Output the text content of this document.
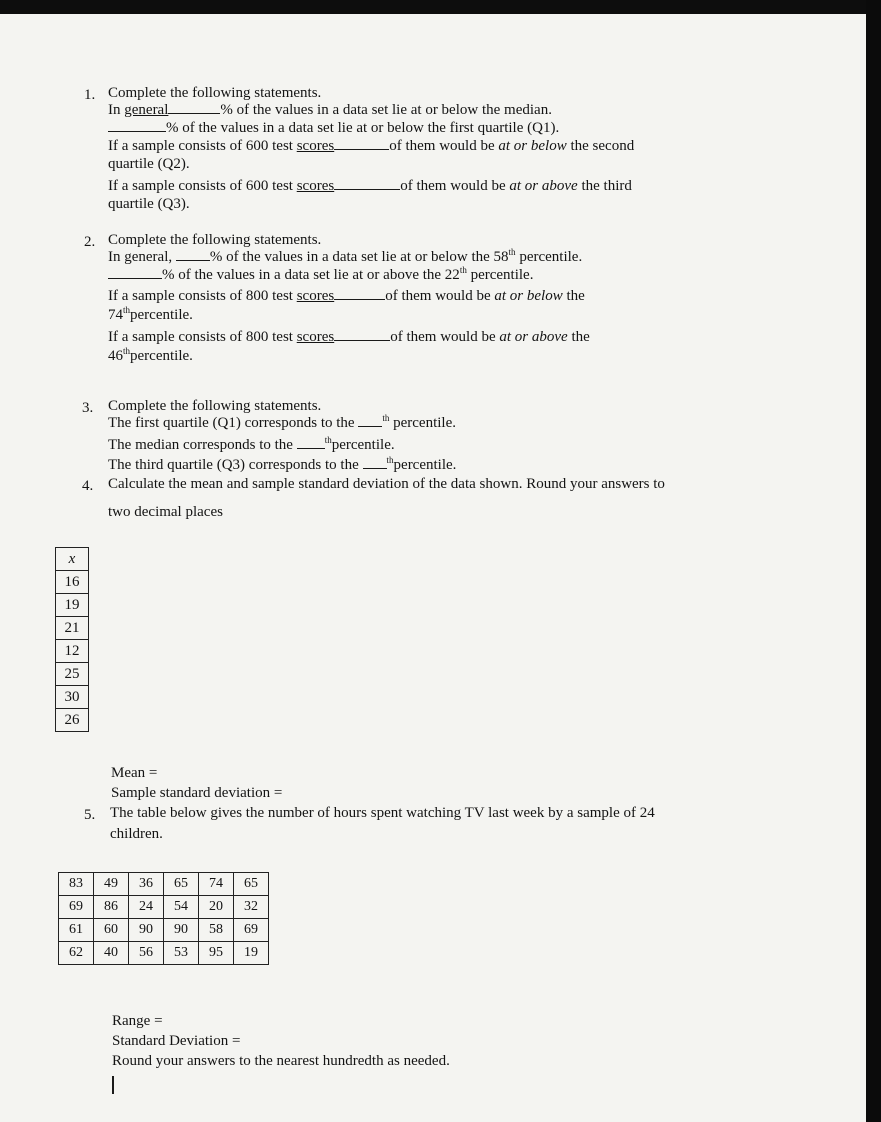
1. Complete the following statements.
In general	% of the values in a data set lie at or below the median.
% of the values in a data set lie at or below the first quartile (Q1).
If a sample consists of 600 test scores	of them would be at or below the second
quartile (Q2).
If a sample consists of 600 test scores	of them would be at or above the third
quartile (Q3).
2. Complete the following statements.
In general, % of the values in a data set lie at or below the 58th percentile.
% of the values in a data set lie at or above the 22th percentile.
If a sample consists of 800 test scores	of them would be at or below the
74thpercentile.
If a sample consists of 800 test scores	of them would be at or above the
46thpercentile.
3. Complete the following statements.
The first quartile (Q1) corresponds to the	$^{th}$ percentile.
The median corresponds to the	$^{th}$percentile.
The third quartile (Q3) corresponds to the	$^{th}$percentile.
4. Calculate the mean and sample standard deviation of the data shown. Round your answers to
two decimal places
x
16
19
21
12
25
30
26
Mean =
Sample standard deviation =
5. The table below gives the number of hours spent watching TV last week by a sample of 24
children.
83	49	36	65	74	65
69	86	24	54	20	32
61	60	90	90	58	69
62	40	56	53	95	19
Range =
Standard Deviation =
Round your answers to the nearest hundredth as needed.
